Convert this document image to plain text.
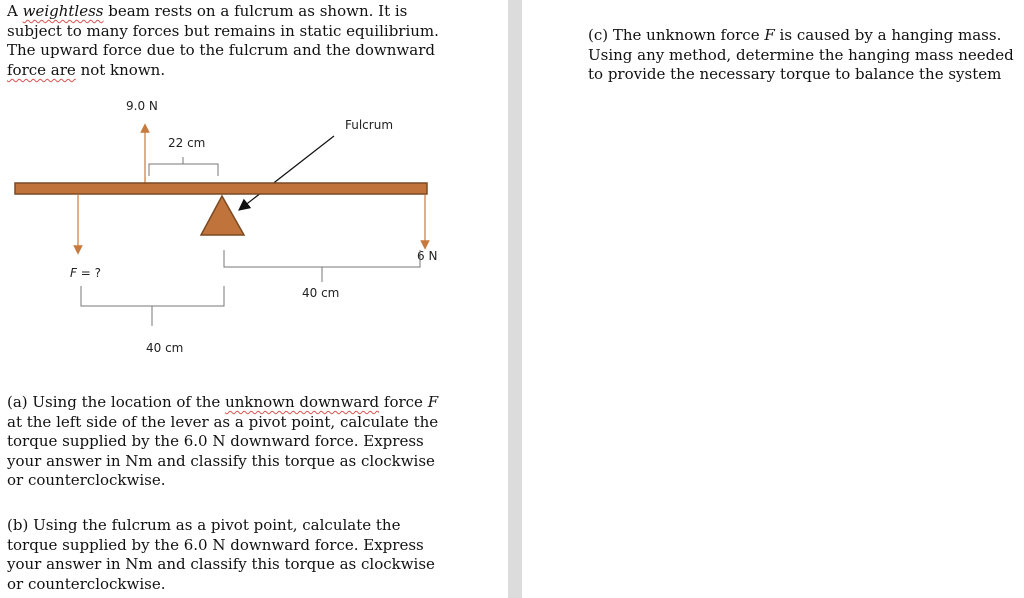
A weightless beam rests on a fulcrum as shown. It is subject to many forces but remains in static equilibrium. The upward force due to the fulcrum and the downward force are not known.

9.0 N
22 cm
Fulcrum
F = ?
6 N
40 cm
40 cm

(a) Using the location of the unknown downward force F at the left side of the lever as a pivot point, calculate the torque supplied by the 6.0 N downward force. Express your answer in Nm and classify this torque as clockwise or counterclockwise.

(b) Using the fulcrum as a pivot point, calculate the torque supplied by the 6.0 N downward force. Express your answer in Nm and classify this torque as clockwise or counterclockwise.

(c) The unknown force F is caused by a hanging mass. Using any method, determine the hanging mass needed to provide the necessary torque to balance the system
